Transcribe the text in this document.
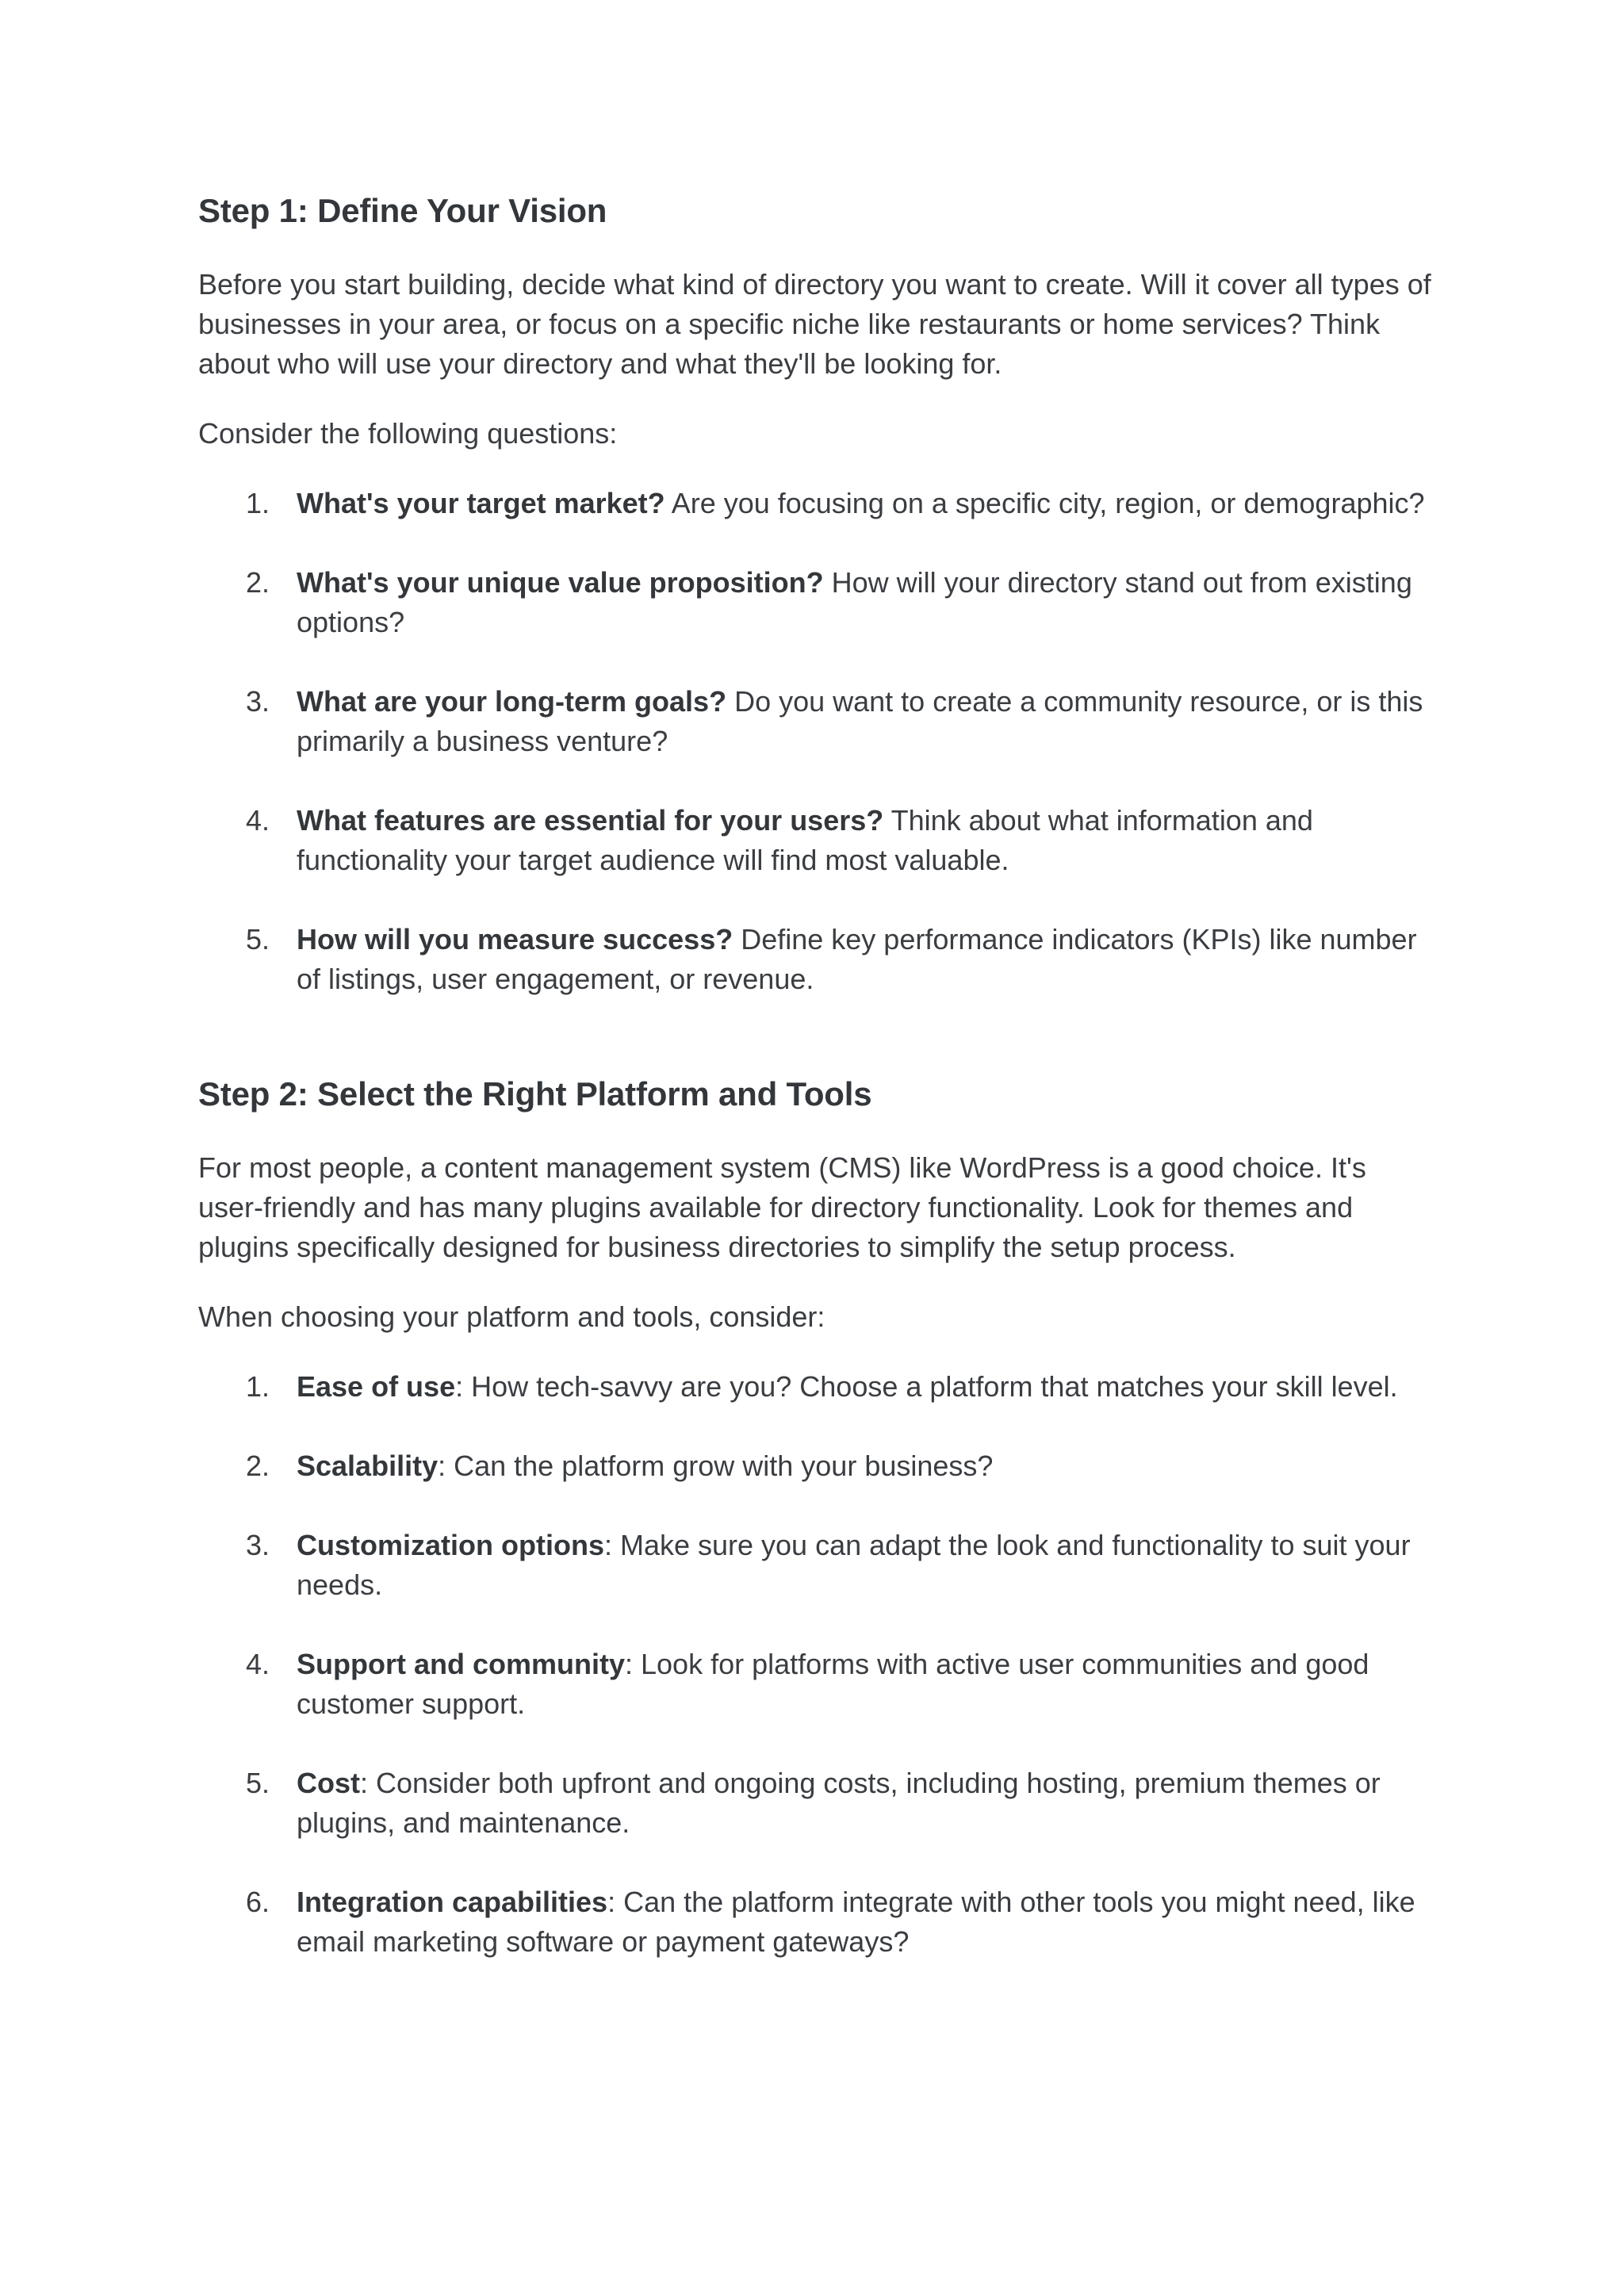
Step 1: Define Your Vision

Before you start building, decide what kind of directory you want to create. Will it cover all types of businesses in your area, or focus on a specific niche like restaurants or home services? Think about who will use your directory and what they'll be looking for.

Consider the following questions:

1. What's your target market? Are you focusing on a specific city, region, or demographic?
2. What's your unique value proposition? How will your directory stand out from existing options?
3. What are your long-term goals? Do you want to create a community resource, or is this primarily a business venture?
4. What features are essential for your users? Think about what information and functionality your target audience will find most valuable.
5. How will you measure success? Define key performance indicators (KPIs) like number of listings, user engagement, or revenue.
Step 2: Select the Right Platform and Tools

For most people, a content management system (CMS) like WordPress is a good choice. It's user-friendly and has many plugins available for directory functionality. Look for themes and plugins specifically designed for business directories to simplify the setup process.

When choosing your platform and tools, consider:

1. Ease of use: How tech-savvy are you? Choose a platform that matches your skill level.
2. Scalability: Can the platform grow with your business?
3. Customization options: Make sure you can adapt the look and functionality to suit your needs.
4. Support and community: Look for platforms with active user communities and good customer support.
5. Cost: Consider both upfront and ongoing costs, including hosting, premium themes or plugins, and maintenance.
6. Integration capabilities: Can the platform integrate with other tools you might need, like email marketing software or payment gateways?
